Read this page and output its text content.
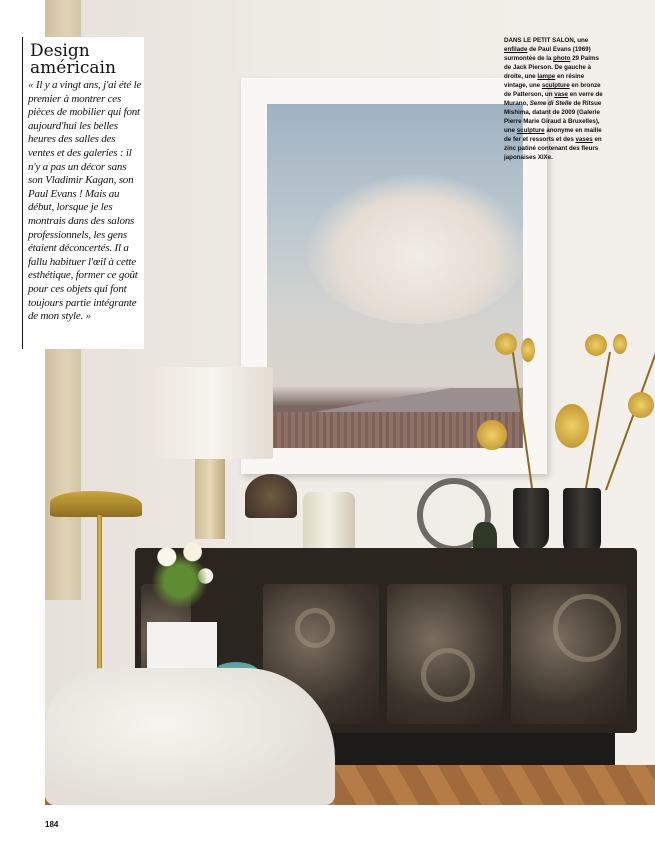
Design américain
« Il y a vingt ans, j'ai été le premier à montrer ces pièces de mobilier qui font aujourd'hui les belles heures des salles des ventes et des galeries : il n'y a pas un décor sans son Vladimir Kagan, son Paul Evans ! Mais au début, lorsque je les montrais dans des salons professionnels, les gens étaient déconcertés. Il a fallu habituer l'œil à cette esthétique, former ce goût pour ces objets qui font toujours partie intégrante de mon style. »
DANS LE PETIT SALON, une enfilade de Paul Evans (1969) surmontée de la photo 29 Palms de Jack Pierson. De gauche à droite, une lampe en résine vintage, une sculpture en bronze de Patterson, un vase en verre de Murano, Seme di Stelle de Ritsue Mishima, datant de 2009 (Galerie Pierre Marie Giraud à Bruxelles), une sculpture anonyme en maille de fer et ressorts et des vases en zinc patiné contenant des fleurs japonaises XIXe.
184
